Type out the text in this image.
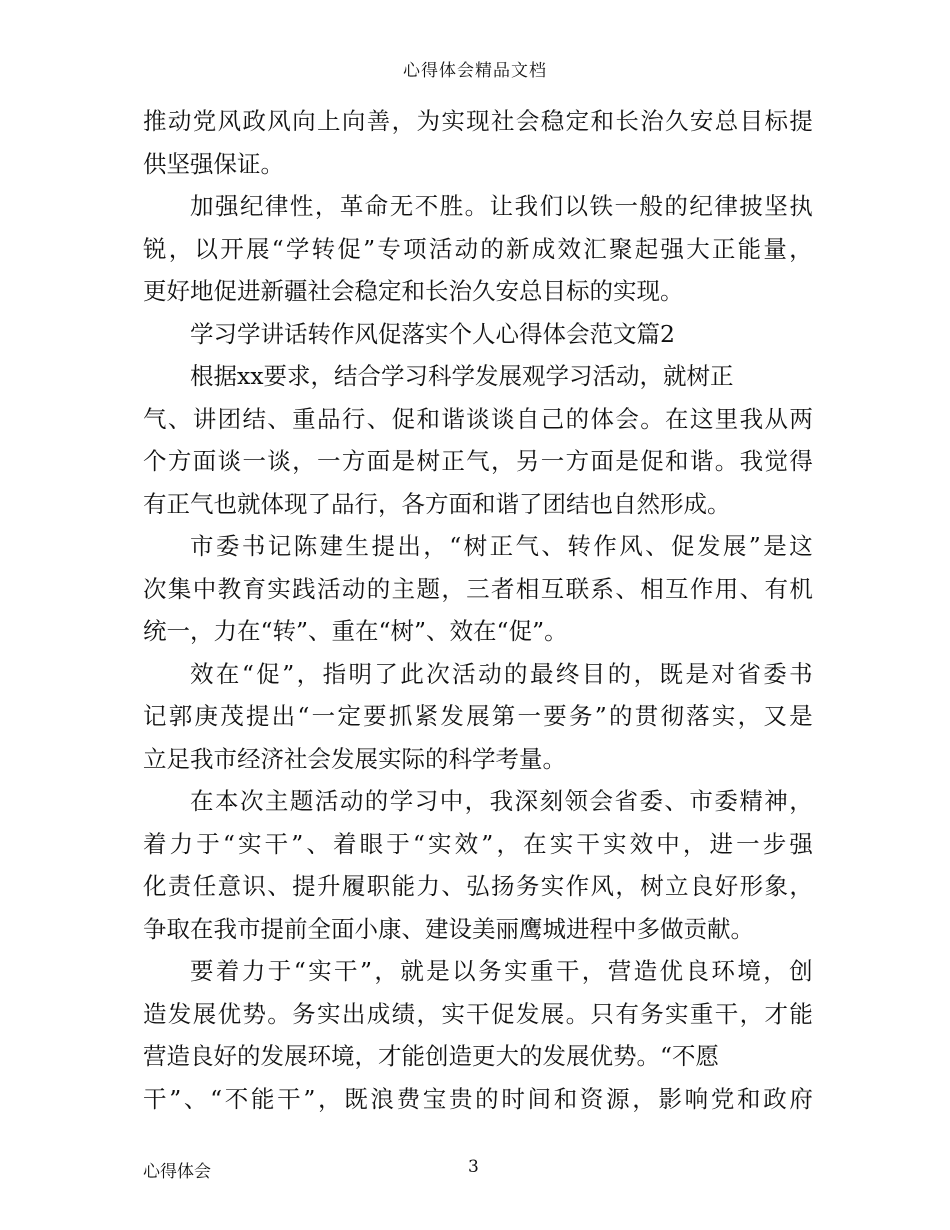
心得体会精品文档
推 动 党 风 政 风 向 上 向 善 ， 为 实 现 社 会 稳 定 和 长 治 久 安 总 目 标 提
供坚强保证。
加 强 纪 律 性 ， 革 命 无 不 胜 。 让 我 们 以 铁 一 般 的 纪 律 披 坚 执
锐 ， 以 开 展 “ 学 转 促 ” 专 项 活 动 的 新 成 效 汇 聚 起 强 大 正 能 量 ，
更好地促进新疆社会稳定和长治久安总目标的实现。
学习学讲话转作风促落实个人心得体会范文篇2
根据xx要求，结合学习科学发展观学习活动，就树正
气 、 讲 团 结 、 重 品 行 、 促 和 谐 谈 谈 自 己 的 体 会 。 在 这 里 我 从 两
个 方 面 谈 一 谈 ， 一 方 面 是 树 正 气 ， 另 一 方 面 是 促 和 谐 。 我 觉 得
有正气也就体现了品行，各方面和谐了团结也自然形成。
市 委 书 记 陈 建 生 提 出 ， “ 树 正 气 、 转 作 风 、 促 发 展 ” 是 这
次 集 中 教 育 实 践 活 动 的 主 题 ， 三 者 相 互 联 系 、 相 互 作 用 、 有 机
统一，力在“转”、重在“树”、效在“促”。
效 在 “ 促 ” ， 指 明 了 此 次 活 动 的 最 终 目 的 ， 既 是 对 省 委 书
记 郭 庚 茂 提 出 “ 一 定 要 抓 紧 发 展 第 一 要 务 ” 的 贯 彻 落 实 ， 又 是
立足我市经济社会发展实际的科学考量。
在 本 次 主 题 活 动 的 学 习 中 ， 我 深 刻 领 会 省 委 、 市 委 精 神 ，
着 力 于 “ 实 干 ” 、 着 眼 于 “ 实 效 ” ， 在 实 干 实 效 中 ， 进 一 步 强
化 责 任 意 识 、 提 升 履 职 能 力 、 弘 扬 务 实 作 风 ， 树 立 良 好 形 象 ，
争取在我市提前全面小康、建设美丽鹰城进程中多做贡献。
要 着 力 于 “ 实 干 ” ， 就 是 以 务 实 重 干 ， 营 造 优 良 环 境 ， 创
造 发 展 优 势 。 务 实 出 成 绩 ， 实 干 促 发 展 。 只 有 务 实 重 干 ， 才 能
营造良好的发展环境，才能创造更大的发展优势。“不愿
干 ” 、 “ 不 能 干 ” ， 既 浪 费 宝 贵 的 时 间 和 资 源 ， 影 响 党 和 政 府
心得体会	3
